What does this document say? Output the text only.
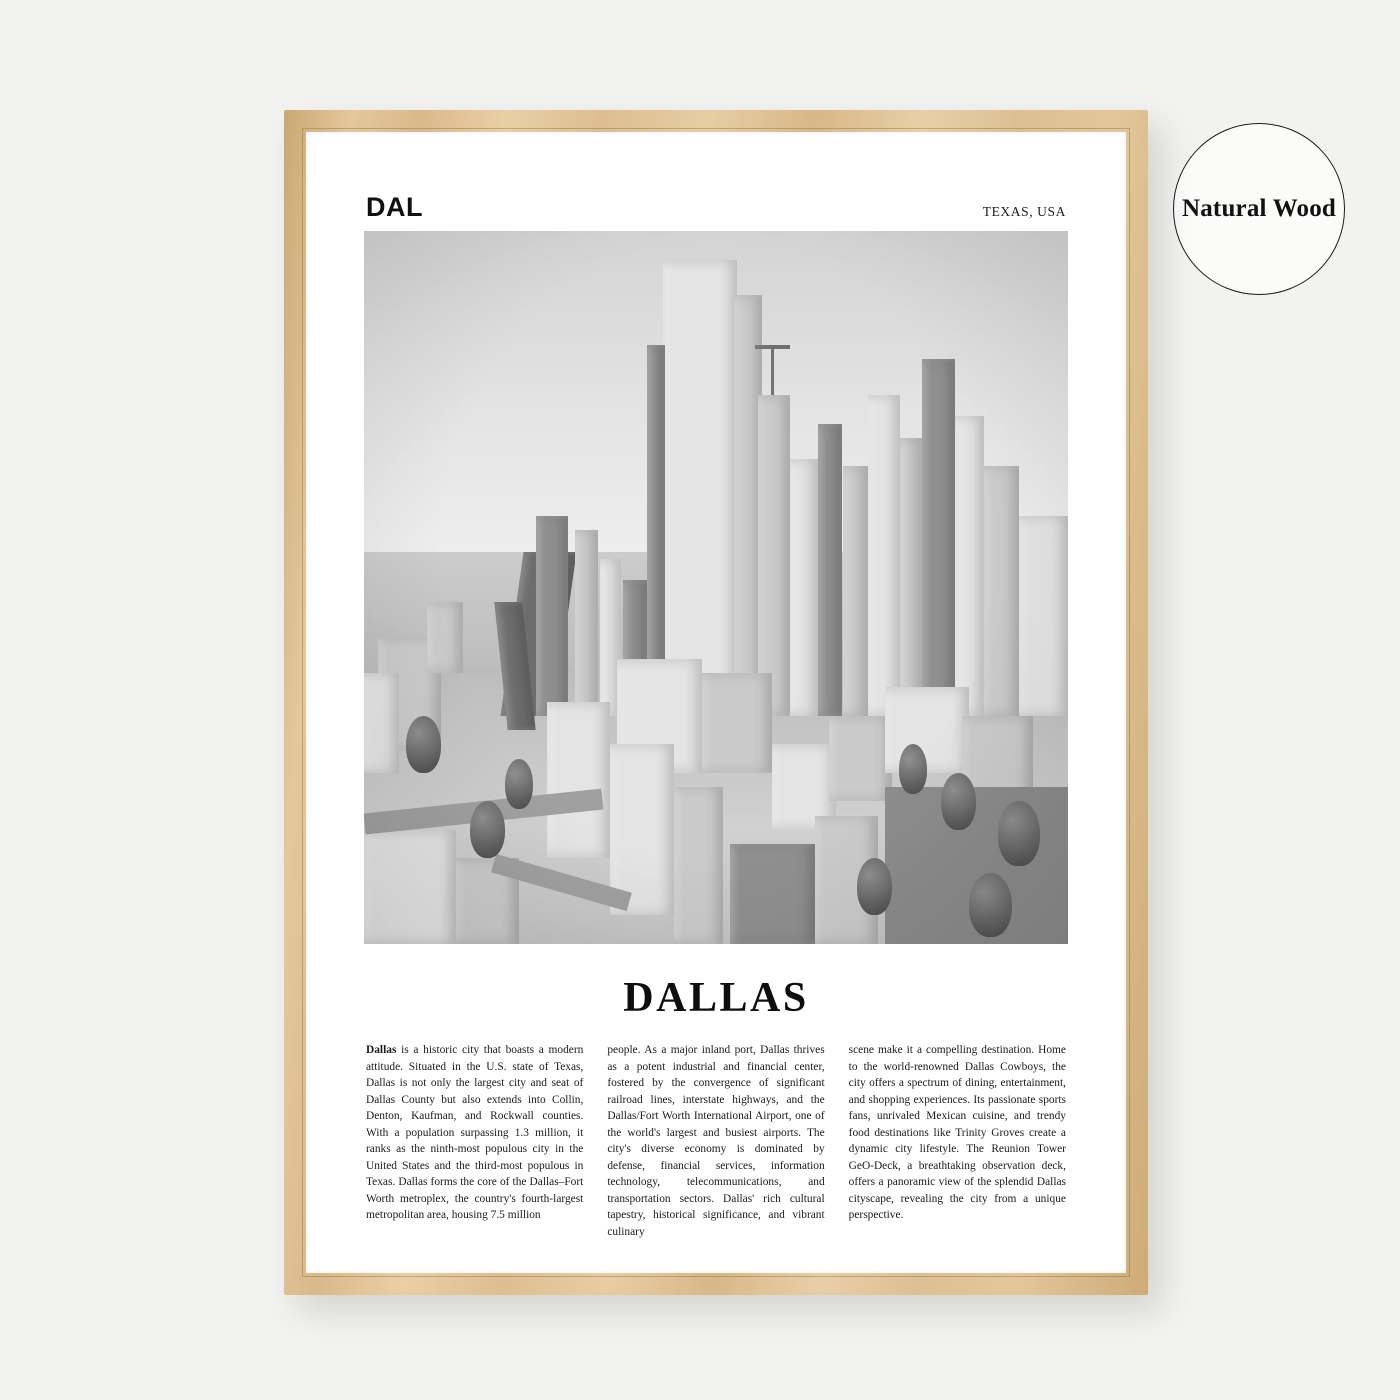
Natural Wood
DAL	TEXAS, USA
DALLAS
Dallas is a historic city that boasts a modern attitude. Situated in the U.S. state of Texas, Dallas is not only the largest city and seat of Dallas County but also extends into Collin, Denton, Kaufman, and Rockwall counties. With a population surpassing 1.3 million, it ranks as the ninth-most populous city in the United States and the third-most populous in Texas. Dallas forms the core of the Dallas–Fort Worth metroplex, the country's fourth-largest metropolitan area, housing 7.5 million
people. As a major inland port, Dallas thrives as a potent industrial and financial center, fostered by the convergence of significant railroad lines, interstate highways, and the Dallas/Fort Worth International Airport, one of the world's largest and busiest airports. The city's diverse economy is dominated by defense, financial services, information technology, telecommunications, and transportation sectors. Dallas' rich cultural tapestry, historical significance, and vibrant culinary
scene make it a compelling destination. Home to the world-renowned Dallas Cowboys, the city offers a spectrum of dining, entertainment, and shopping experiences. Its passionate sports fans, unrivaled Mexican cuisine, and trendy food destinations like Trinity Groves create a dynamic city lifestyle. The Reunion Tower GeO-Deck, a breathtaking observation deck, offers a panoramic view of the splendid Dallas cityscape, revealing the city from a unique perspective.
